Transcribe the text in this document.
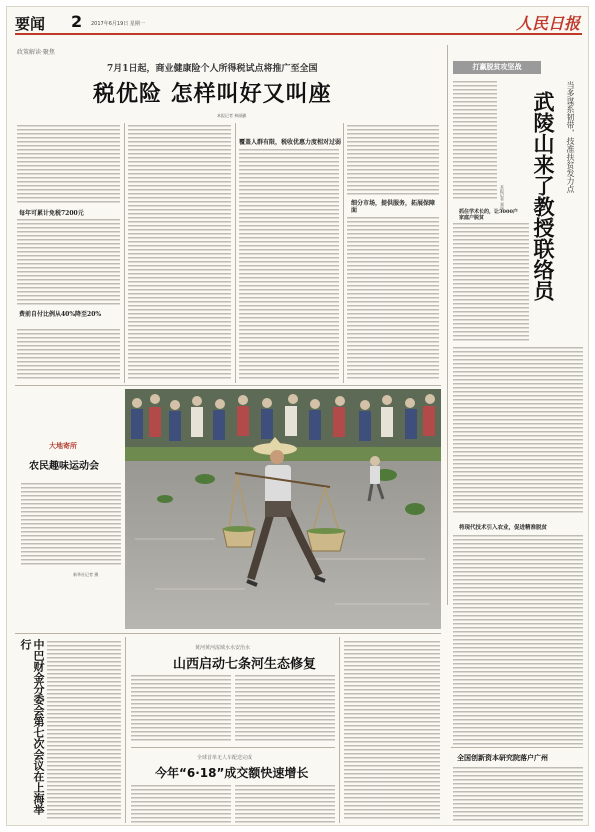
要闻 2 2017年6月19日 星期一	人民日报
政策解读·聚焦
7月1日起，商业健康险个人所得税试点将推广至全国
税优险 怎样叫好又叫座
本报记者 林丽鹂
每年可累计免税7200元
费前自付比例从40%降至20%
覆盖人群有限，税收优惠力度相对过弱
细分市场，提供服务，拓展保障面
大地寄所
农民趣味运动会
新华社记者 摄
打赢脱贫攻坚战
当多谋系韧带，技准扶贫发力点
武陵山来了教授联络员
本报记者 郑瑞
抓住学术长的，让3000户家庭户脱贫
将现代技术引入农业，促进精准脱贫
中巴财金分委会第七次会议在上海举行	黄河黄河流域水水安治水
山西启动七条河生态修复
全球首单无人车配送完成
今年“6·18”成交额快速增长
全国创新资本研究院落户广州
